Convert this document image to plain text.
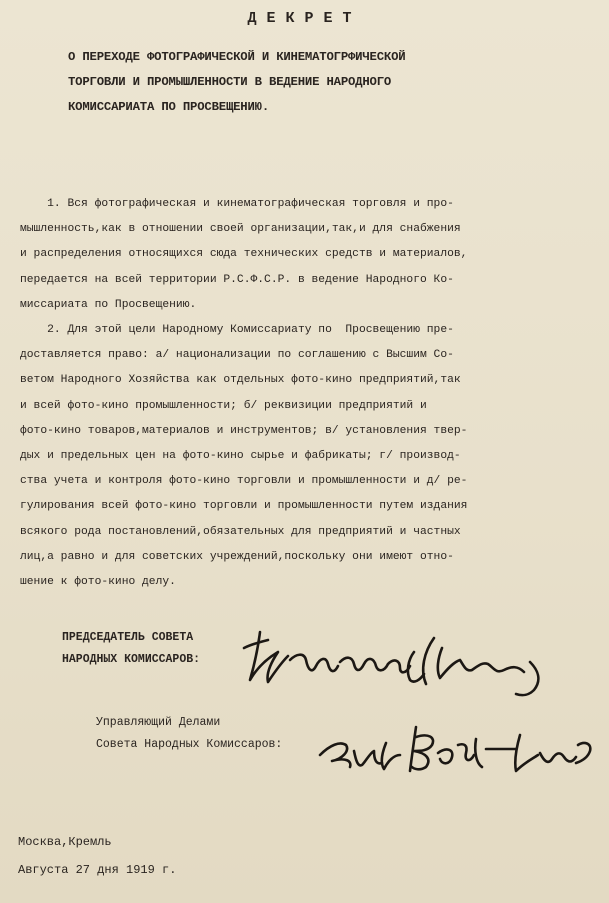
ДЕКРЕТ
О ПЕРЕХОДЕ ФОТОГРАФИЧЕСКОЙ И КИНЕМАТОГРФИЧЕСКОЙ
ТОРГОВЛИ И ПРОМЫШЛЕННОСТИ В ВЕДЕНИЕ НАРОДНОГО
КОМИССАРИАТА ПО ПРОСВЕЩЕНИЮ.
1. Вся фотографическая и кинематографическая торговля и про-
мышленность,как в отношении своей организации,так,и для снабжения
и распределения относящихся сюда технических средств и материалов,
передается на всей территории Р.С.Ф.С.Р. в ведение Народного Ко-
миссариата по Просвещению.
2. Для этой цели Народному Комиссариату по  Просвещению пре-
доставляется право: а/ национализации по соглашению с Высшим Со-
ветом Народного Хозяйства как отдельных фото-кино предприятий,так
и всей фото-кино промышленности; б/ реквизиции предприятий и
фото-кино товаров,материалов и инструментов; в/ установления твер-
дых и предельных цен на фото-кино сырье и фабрикаты; г/ производ-
ства учета и контроля фото-кино торговли и промышленности и д/ ре-
гулирования всей фото-кино торговли и промышленности путем издания
всякого рода постановлений,обязательных для предприятий и частных
лиц,а равно и для советских учреждений,поскольку они имеют отно-
шение к фото-кино делу.
ПРЕДСЕДАТЕЛЬ СОВЕТА
НАРОДНЫХ КОМИССАРОВ:
Управляющий Делами
Совета Народных Комиссаров:
Москва,Кремль
Августа 27 дня 1919 г.
